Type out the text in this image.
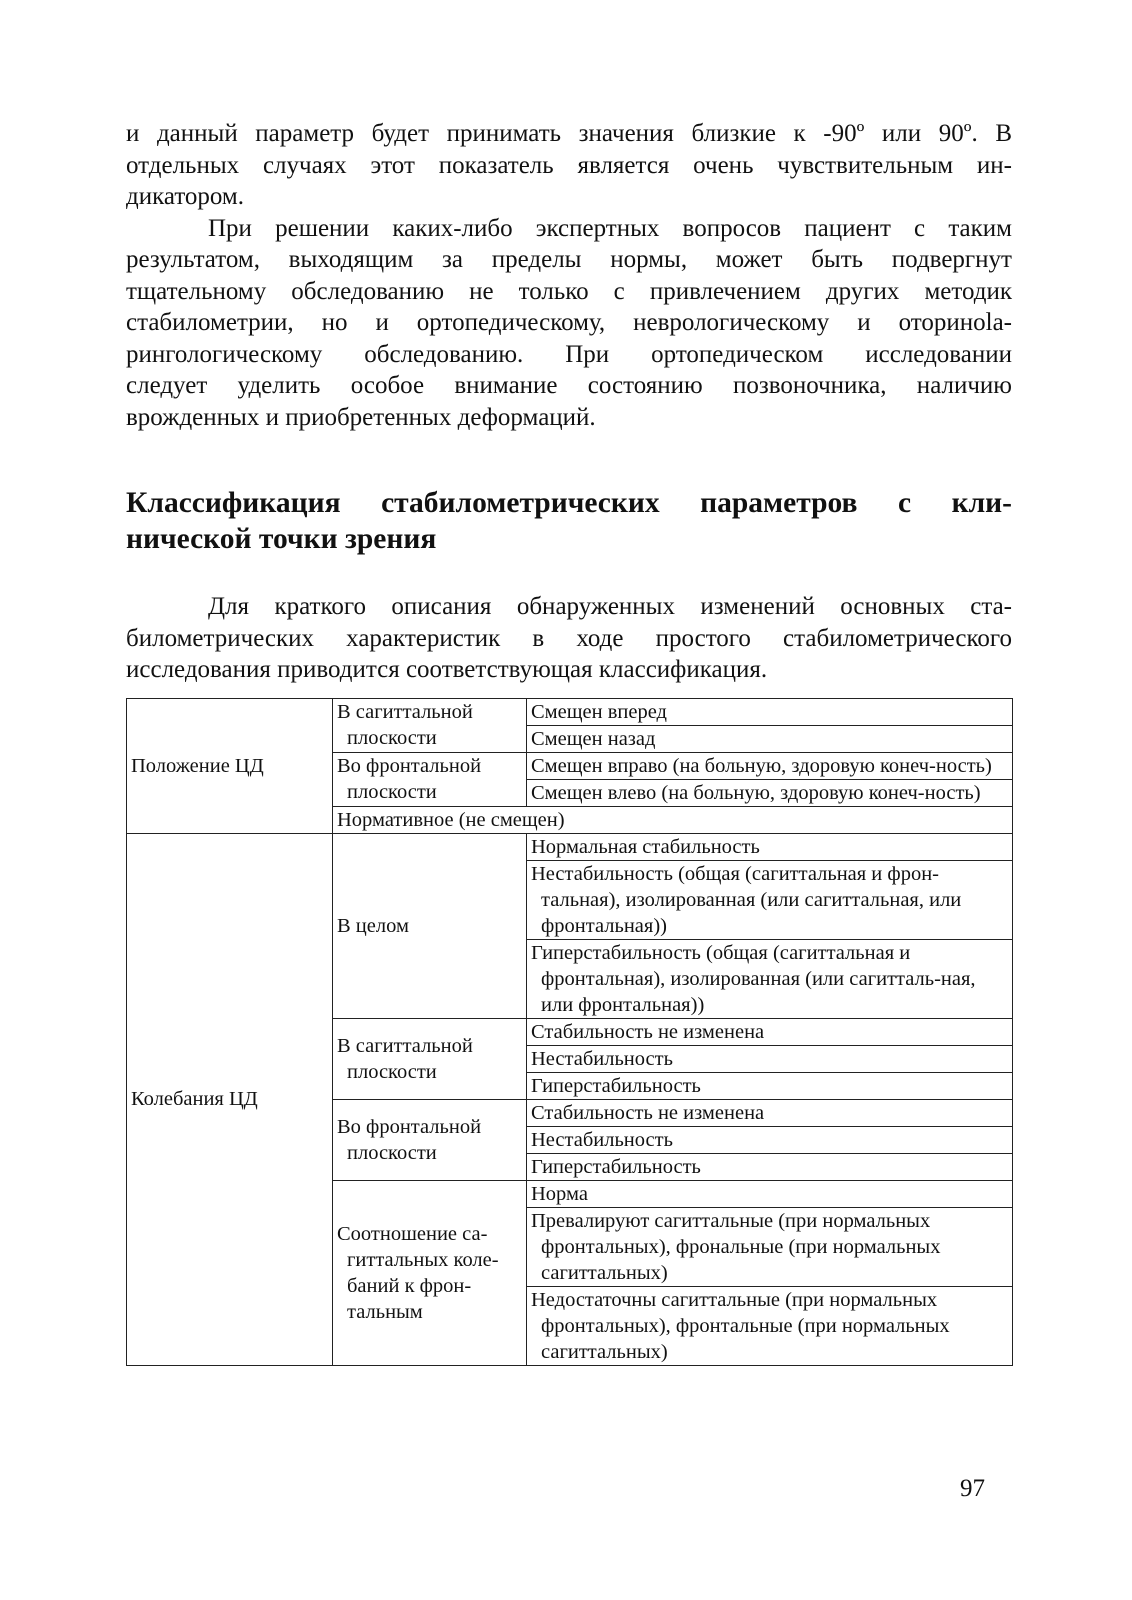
и данный параметр будет принимать значения близкие к -90º или 90º. В
отдельных случаях этот показатель является очень чувствительным ин-
дикатором.
При решении каких-либо экспертных вопросов пациент с таким
результатом, выходящим за пределы нормы, может быть подвергнут
тщательному обследованию не только с привлечением других методик
стабилометрии, но и ортопедическому, неврологическому и оториноla-
рингологическому обследованию. При ортопедическом исследовании
следует уделить особое внимание состоянию позвоночника, наличию
врожденных и приобретенных деформаций.
Классификация стабилометрических параметров с кли-
нической точки зрения
Для краткого описания обнаруженных изменений основных ста-
билометрических характеристик в ходе простого стабилометрического
исследования приводится соответствующая классификация.
Положение ЦД	В сагиттальной плоскости	Смещен вперед
		Смещен назад
	Во фронтальной плоскости	Смещен вправо (на больную, здоровую конеч-ность)
		Смещен влево (на больную, здоровую конеч-ность)
	Нормативное (не смещен)	
Колебания ЦД	В целом	Нормальная стабильность
		Нестабильность (общая (сагиттальная и фрон-тальная), изолированная (или сагиттальная, или фронтальная))
		Гиперстабильность (общая (сагиттальная и фронтальная), изолированная (или сагитталь-ная, или фронтальная))
	В сагиттальной плоскости	Стабильность не изменена
		Нестабильность
		Гиперстабильность
	Во фронтальной плоскости	Стабильность не изменена
		Нестабильность
		Гиперстабильность
	Соотношение са-гиттальных коле-баний к фрон-тальным	Норма
		Превалируют сагиттальные (при нормальных фронтальных), фрональные (при нормальных сагиттальных)
		Недостаточны сагиттальные (при нормальных фронтальных), фронтальные (при нормальных сагиттальных)
97
